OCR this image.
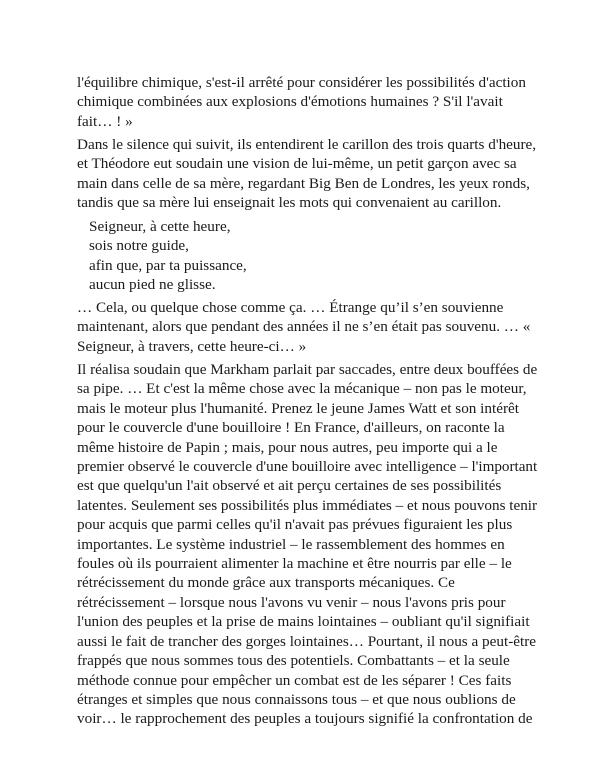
l'équilibre chimique, s'est-il arrêté pour considérer les possibilités d'action
chimique combinées aux explosions d'émotions humaines ? S'il l'avait
fait… ! »

Dans le silence qui suivit, ils entendirent le carillon des trois quarts d'heure,
et Théodore eut soudain une vision de lui-même, un petit garçon avec sa
main dans celle de sa mère, regardant Big Ben de Londres, les yeux ronds,
tandis que sa mère lui enseignait les mots qui convenaient au carillon.

Seigneur, à cette heure,
sois notre guide,
afin que, par ta puissance,
aucun pied ne glisse.

… Cela, ou quelque chose comme ça. … Étrange qu’il s’en souvienne
maintenant, alors que pendant des années il ne s’en était pas souvenu. … «
Seigneur, à travers, cette heure-ci… »

Il réalisa soudain que Markham parlait par saccades, entre deux bouffées de
sa pipe. … Et c'est la même chose avec la mécanique – non pas le moteur,
mais le moteur plus l'humanité. Prenez le jeune James Watt et son intérêt
pour le couvercle d'une bouilloire ! En France, d'ailleurs, on raconte la
même histoire de Papin ; mais, pour nous autres, peu importe qui a le
premier observé le couvercle d'une bouilloire avec intelligence – l'important
est que quelqu'un l'ait observé et ait perçu certaines de ses possibilités
latentes. Seulement ses possibilités plus immédiates – et nous pouvons tenir
pour acquis que parmi celles qu'il n'avait pas prévues figuraient les plus
importantes. Le système industriel – le rassemblement des hommes en
foules où ils pourraient alimenter la machine et être nourris par elle – le
rétrécissement du monde grâce aux transports mécaniques. Ce
rétrécissement – lorsque nous l'avons vu venir – nous l'avons pris pour
l'union des peuples et la prise de mains lointaines – oubliant qu'il signifiait
aussi le fait de trancher des gorges lointaines… Pourtant, il nous a peut-être
frappés que nous sommes tous des potentiels. Combattants – et la seule
méthode connue pour empêcher un combat est de les séparer ! Ces faits
étranges et simples que nous connaissons tous – et que nous oublions de
voir… le rapprochement des peuples a toujours signifié la confrontation de
